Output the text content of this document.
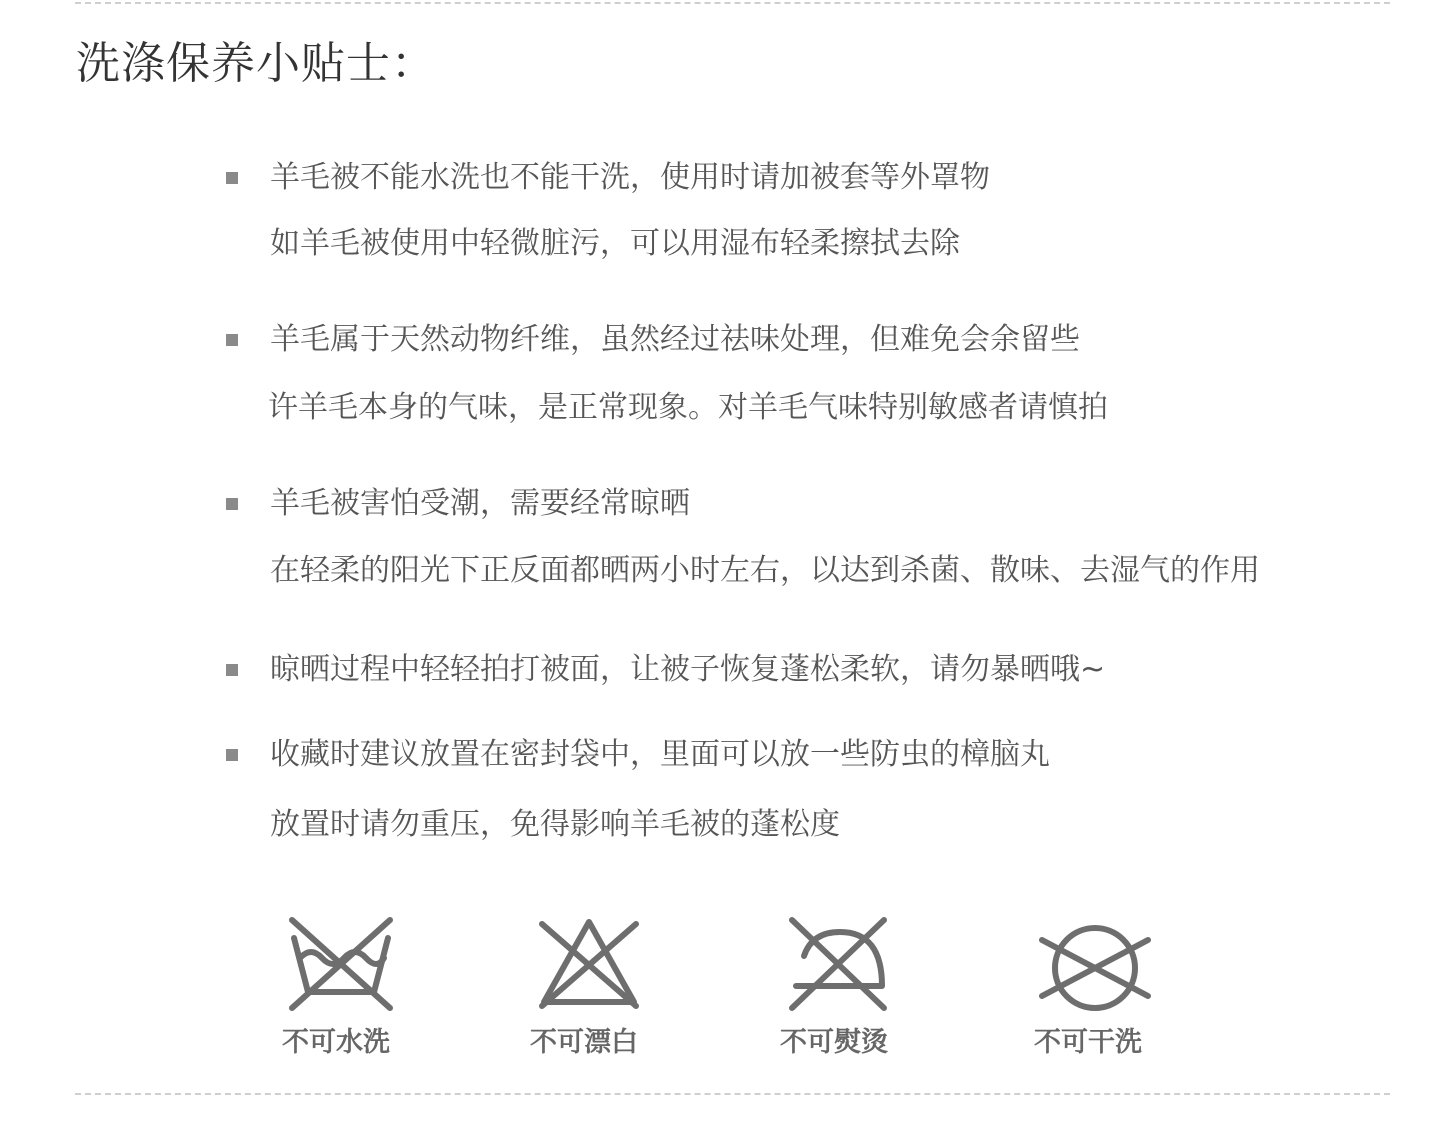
洗涤保养小贴士：
羊毛被不能水洗也不能干洗，使用时请加被套等外罩物
如羊毛被使用中轻微脏污，可以用湿布轻柔擦拭去除
羊毛属于天然动物纤维，虽然经过祛味处理，但难免会余留些
许羊毛本身的气味，是正常现象。对羊毛气味特别敏感者请慎拍
羊毛被害怕受潮，需要经常晾晒
在轻柔的阳光下正反面都晒两小时左右，以达到杀菌、散味、去湿气的作用
晾晒过程中轻轻拍打被面，让被子恢复蓬松柔软，请勿暴晒哦~
收藏时建议放置在密封袋中，里面可以放一些防虫的樟脑丸
放置时请勿重压，免得影响羊毛被的蓬松度
不可水洗	不可漂白	不可熨烫	不可干洗
